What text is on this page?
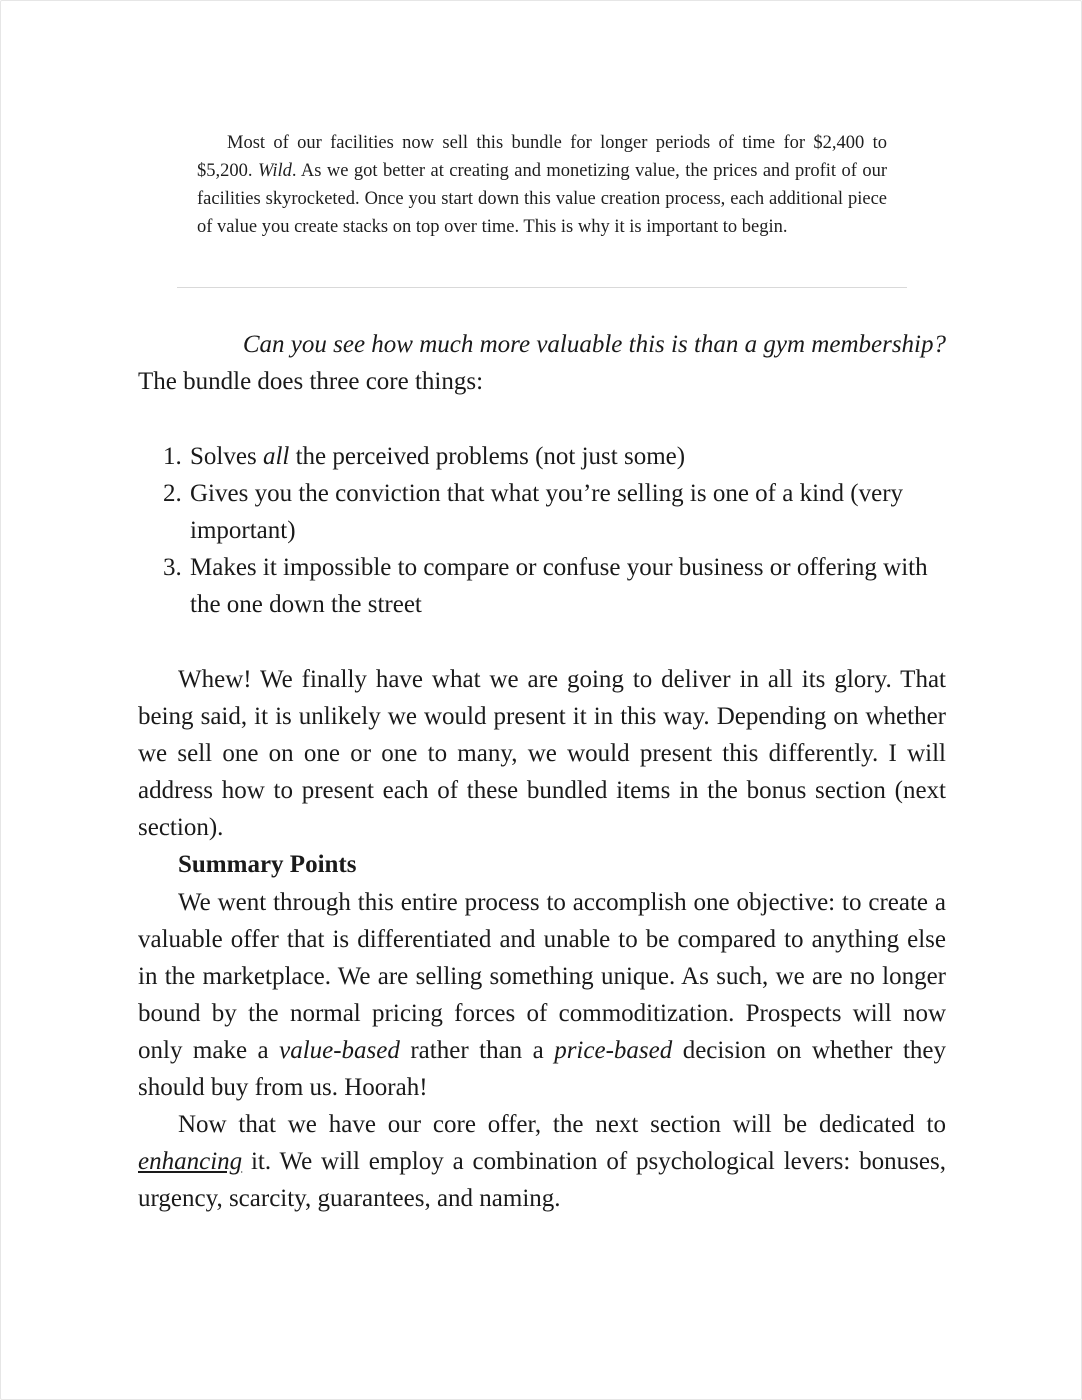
Most of our facilities now sell this bundle for longer periods of time for $2,400 to $5,200. Wild. As we got better at creating and monetizing value, the prices and profit of our facilities skyrocketed. Once you start down this value creation process, each additional piece of value you create stacks on top over time. This is why it is important to begin.
Can you see how much more valuable this is than a gym membership?
The bundle does three core things:
1. Solves all the perceived problems (not just some)
2. Gives you the conviction that what you’re selling is one of a kind (very important)
3. Makes it impossible to compare or confuse your business or offering with the one down the street
Whew! We finally have what we are going to deliver in all its glory. That being said, it is unlikely we would present it in this way. Depending on whether we sell one on one or one to many, we would present this differently. I will address how to present each of these bundled items in the bonus section (next section).
Summary Points
We went through this entire process to accomplish one objective: to create a valuable offer that is differentiated and unable to be compared to anything else in the marketplace. We are selling something unique. As such, we are no longer bound by the normal pricing forces of commoditization. Prospects will now only make a value-based rather than a price-based decision on whether they should buy from us. Hoorah!
Now that we have our core offer, the next section will be dedicated to enhancing it. We will employ a combination of psychological levers: bonuses, urgency, scarcity, guarantees, and naming.
